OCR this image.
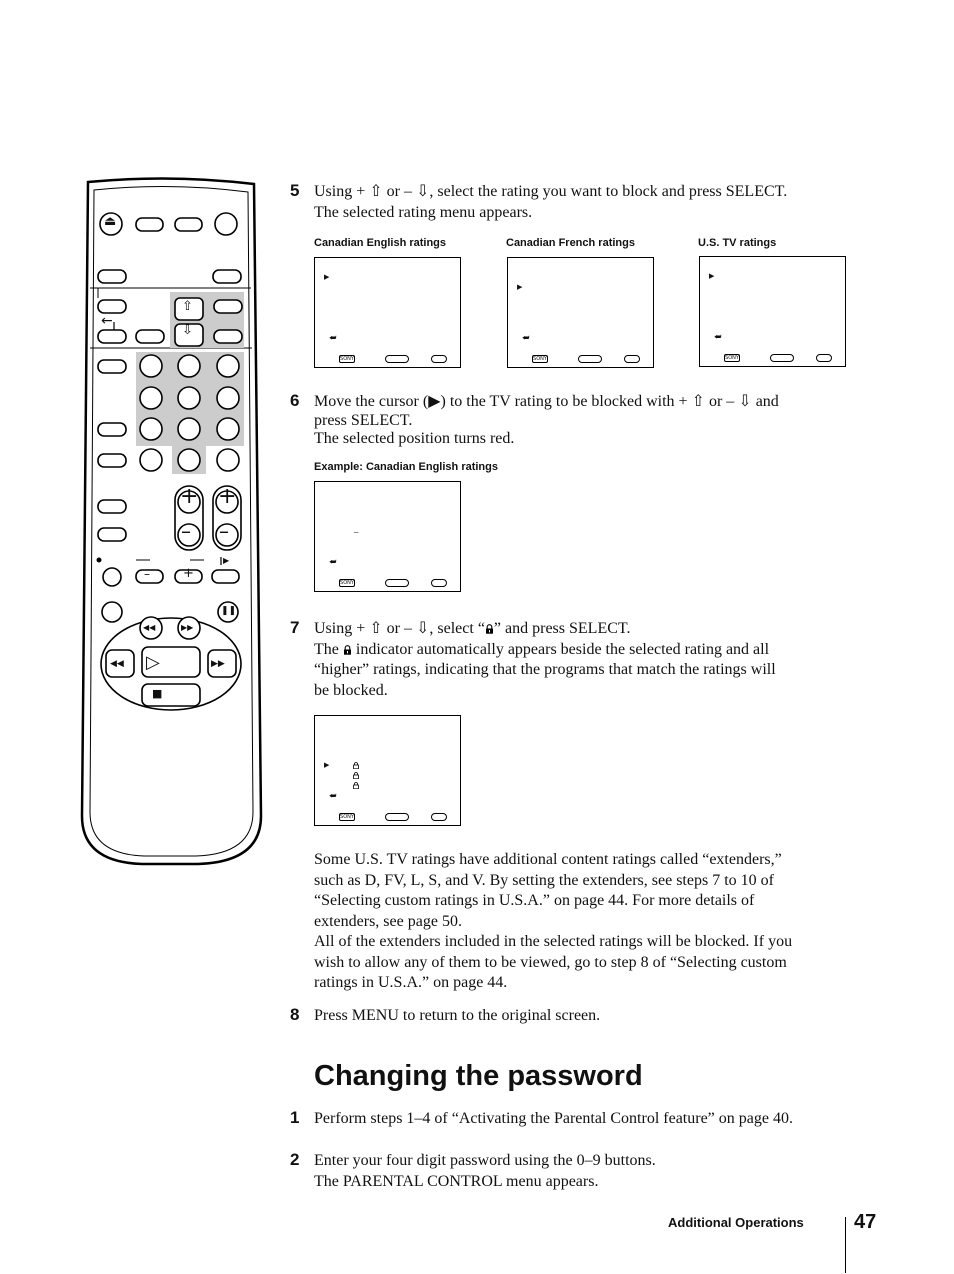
⏏
←
⇧
⇩
+
–
+
–
–	+
‖▶
❚❚
◀◀	▶▶
◀◀ ▷	▶▶
■
5 Using + ⇧ or – ⇩, select the rating you want to block and press SELECT.
The selected rating menu appears.
Canadian English ratings	Canadian French ratings	U.S. TV ratings
▶
⮨
SONY
▶
⮨
SONY
▶
⮨
SONY
6 Move the cursor (▶) to the TV rating to be blocked with + ⇧ or – ⇩ and
press SELECT.
The selected position turns red.
Example: Canadian English ratings
–
⮨
SONY
7 Using + ⇧ or – ⇩, select “ ” and press SELECT.
The  indicator automatically appears beside the selected rating and all
“higher” ratings, indicating that the programs that match the ratings will
be blocked.
▶
⮨
SONY
Some U.S. TV ratings have additional content ratings called “extenders,”
such as D, FV, L, S, and V. By setting the extenders, see steps 7 to 10 of
“Selecting custom ratings in U.S.A.” on page 44. For more details of
extenders, see page 50.
All of the extenders included in the selected ratings will be blocked. If you
wish to allow any of them to be viewed, go to step 8 of “Selecting custom
ratings in U.S.A.” on page 44.
8 Press MENU to return to the original screen.
Changing the password
1 Perform steps 1–4 of “Activating the Parental Control feature” on page 40.
2 Enter your four digit password using the 0–9 buttons.
The PARENTAL CONTROL menu appears.
Additional Operations	47
